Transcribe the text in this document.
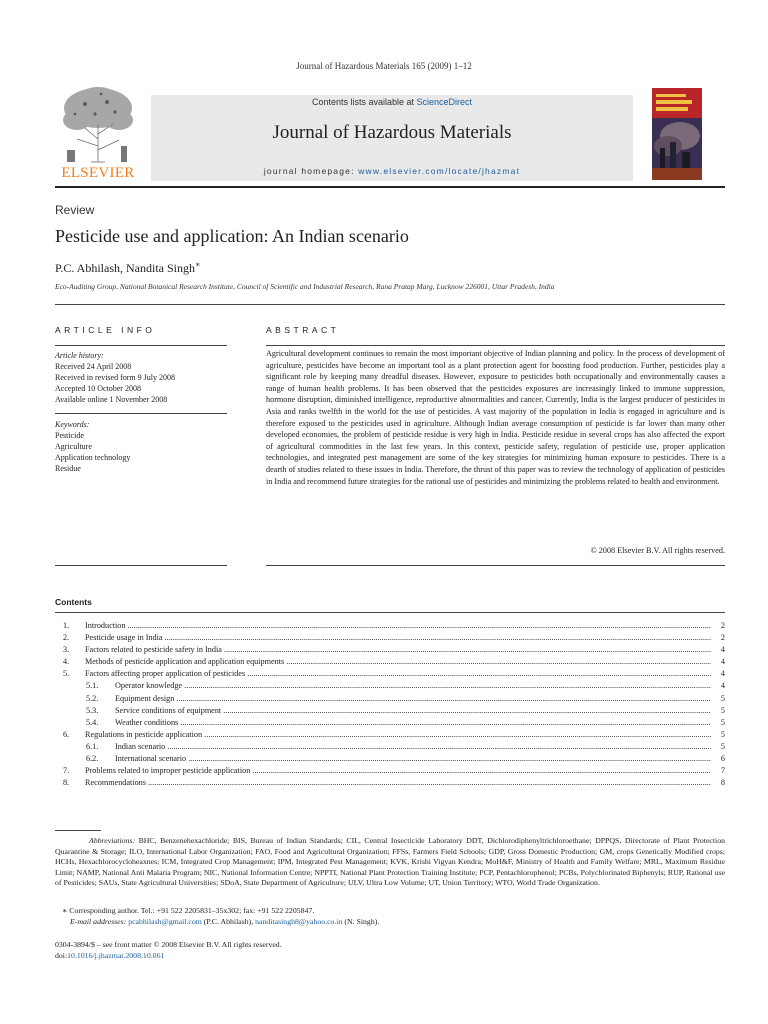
Journal of Hazardous Materials 165 (2009) 1–12
ELSEVIER
Contents lists available at ScienceDirect
Journal of Hazardous Materials
journal homepage: www.elsevier.com/locate/jhazmat
Review
Pesticide use and application: An Indian scenario
P.C. Abhilash, Nandita Singh∗
Eco-Auditing Group, National Botanical Research Institute, Council of Scientific and Industrial Research, Rana Pratap Marg, Lucknow 226001, Uttar Pradesh, India
ARTICLE INFO	ABSTRACT
Article history:
Received 24 April 2008
Received in revised form 9 July 2008
Accepted 10 October 2008
Available online 1 November 2008
Keywords:
Pesticide
Agriculture
Application technology
Residue
Agricultural development continues to remain the most important objective of Indian planning and policy. In the process of development of agriculture, pesticides have become an important tool as a plant protection agent for boosting food production. Further, pesticides play a significant role by keeping many dreadful diseases. However, exposure to pesticides both occupationally and environmentally causes a range of human health problems. It has been observed that the pesticides exposures are increasingly linked to immune suppression, hormone disruption, diminished intelligence, reproductive abnormalities and cancer. Currently, India is the largest producer of pesticides in Asia and ranks twelfth in the world for the use of pesticides. A vast majority of the population in India is engaged in agriculture and is therefore exposed to the pesticides used in agriculture. Although Indian average consumption of pesticide is far lower than many other developed economies, the problem of pesticide residue is very high in India. Pesticide residue in several crops has also affected the export of agricultural commodities in the last few years. In this context, pesticide safety, regulation of pesticide use, proper application technologies, and integrated pest management are some of the key strategies for minimizing human exposure to pesticides. There is a dearth of studies related to these issues in India. Therefore, the thrust of this paper was to review the technology of application of pesticides in India and recommend future strategies for the rational use of pesticides and minimizing the problems related to health and environment.
© 2008 Elsevier B.V. All rights reserved.
Contents
1. Introduction .....	2
2. Pesticide usage in India .....	2
3. Factors related to pesticide safety in India .....	4
4. Methods of pesticide application and application equipments .....	4
5. Factors affecting proper application of pesticides .....	4
5.1. Operator knowledge .....	4
5.2. Equipment design .....	5
5.3. Service conditions of equipment .....	5
5.4. Weather conditions .....	5
6. Regulations in pesticide application .....	5
6.1. Indian scenario .....	5
6.2. International scenario .....	6
7. Problems related to improper pesticide application .....	7
8. Recommendations .....	8
Abbreviations: BHC, Benzenehexachloride; BIS, Bureau of Indian Standards; CIL, Central Insecticide Laboratory DDT, Dichlorodiphenyltrichloroethane; DPPQS, Directorate of Plant Protection Quarantine & Storage; ILO, International Labor Organization; FAO, Food and Agricultural Organization; FFSs, Farmers Field Schools; GDP, Gross Domestic Production; GM, crops Genetically Modified crops; HCHs, Hexachlorocycloheaxnes; ICM, Integrated Crop Management; IPM, Integrated Pest Management; KVK, Krishi Vigyan Kendra; MoH&F, Ministry of Health and Family Welfare; MRL, Maximum Residue Limit; NAMP, National Anti Malaria Program; NIC, National Information Centre; NPPTI, National Plant Protection Training Institute; PCP, Pentachlorophenol; PCBs, Polychlorinated Biphenyls; RUP, Rational use of Pesticides; SAUs, State Agricultural Universities; SDoA, State Department of Agriculture; ULV, Ultra Low Volume; UT, Union Territory; WTO, World Trade Organization.
∗ Corresponding author. Tel.: +91 522 2205831–35x302; fax: +91 522 2205847.
E-mail addresses: pcabhilash@gmail.com (P.C. Abhilash), nanditasingh8@yahoo.co.in (N. Singh).
0304-3894/$ – see front matter © 2008 Elsevier B.V. All rights reserved.
doi:10.1016/j.jhazmat.2008.10.061
